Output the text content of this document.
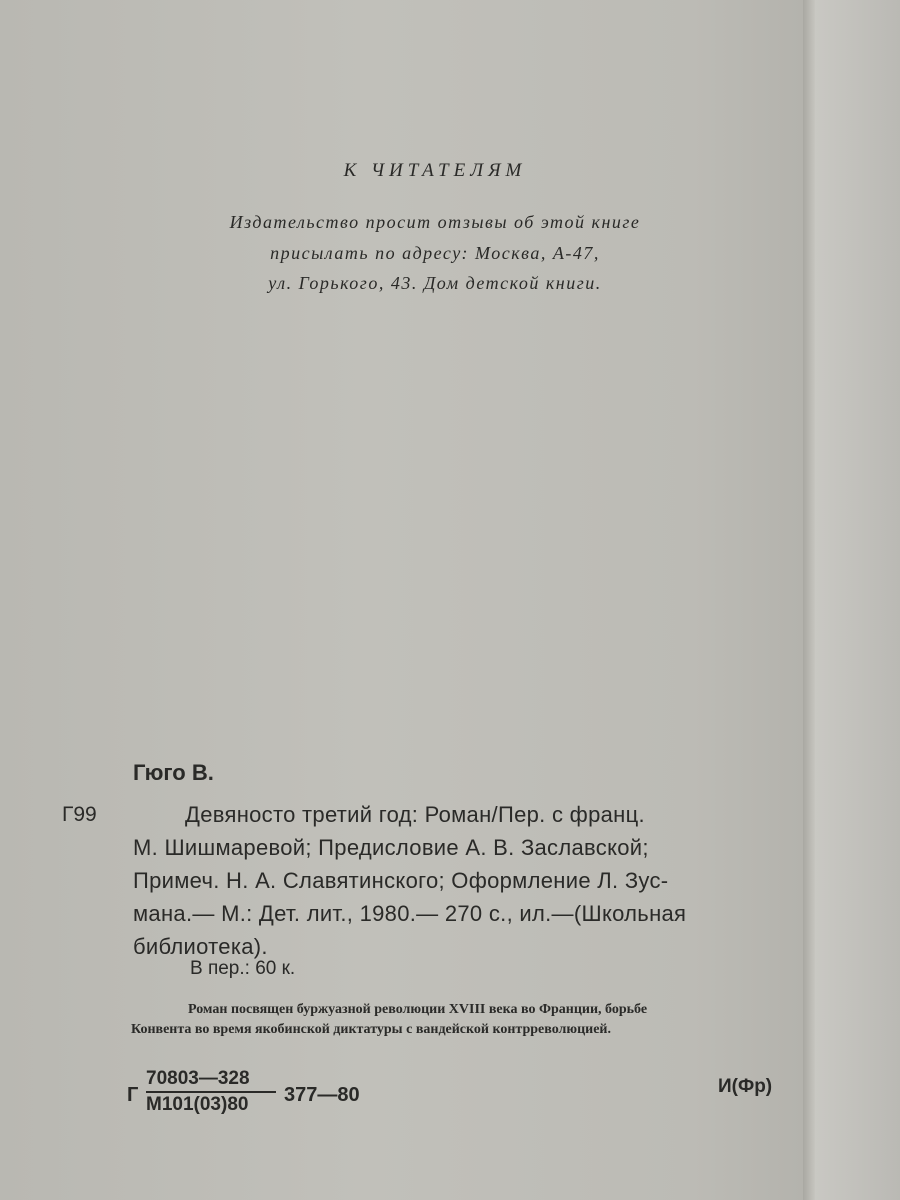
К ЧИТАТЕЛЯМ
Издательство просит отзывы об этой книге
присылать по адресу: Москва, А-47,
ул. Горького, 43. Дом детской книги.
Гюго В.
Г99	Девяносто третий год: Роман/Пер. с франц.
М. Шишмаревой; Предисловие А. В. Заславской;
Примеч. Н. А. Славятинского; Оформление Л. Зус-
мана.— М.: Дет. лит., 1980.— 270 с., ил.—(Школьная
библиотека).
В пер.: 60 к.
Роман посвящен буржуазной революции XVIII века во Франции, борьбе
Конвента во время якобинской диктатуры с вандейской контрреволюцией.
Г
70803—328
М101(03)80	377—80	И(Фр)
